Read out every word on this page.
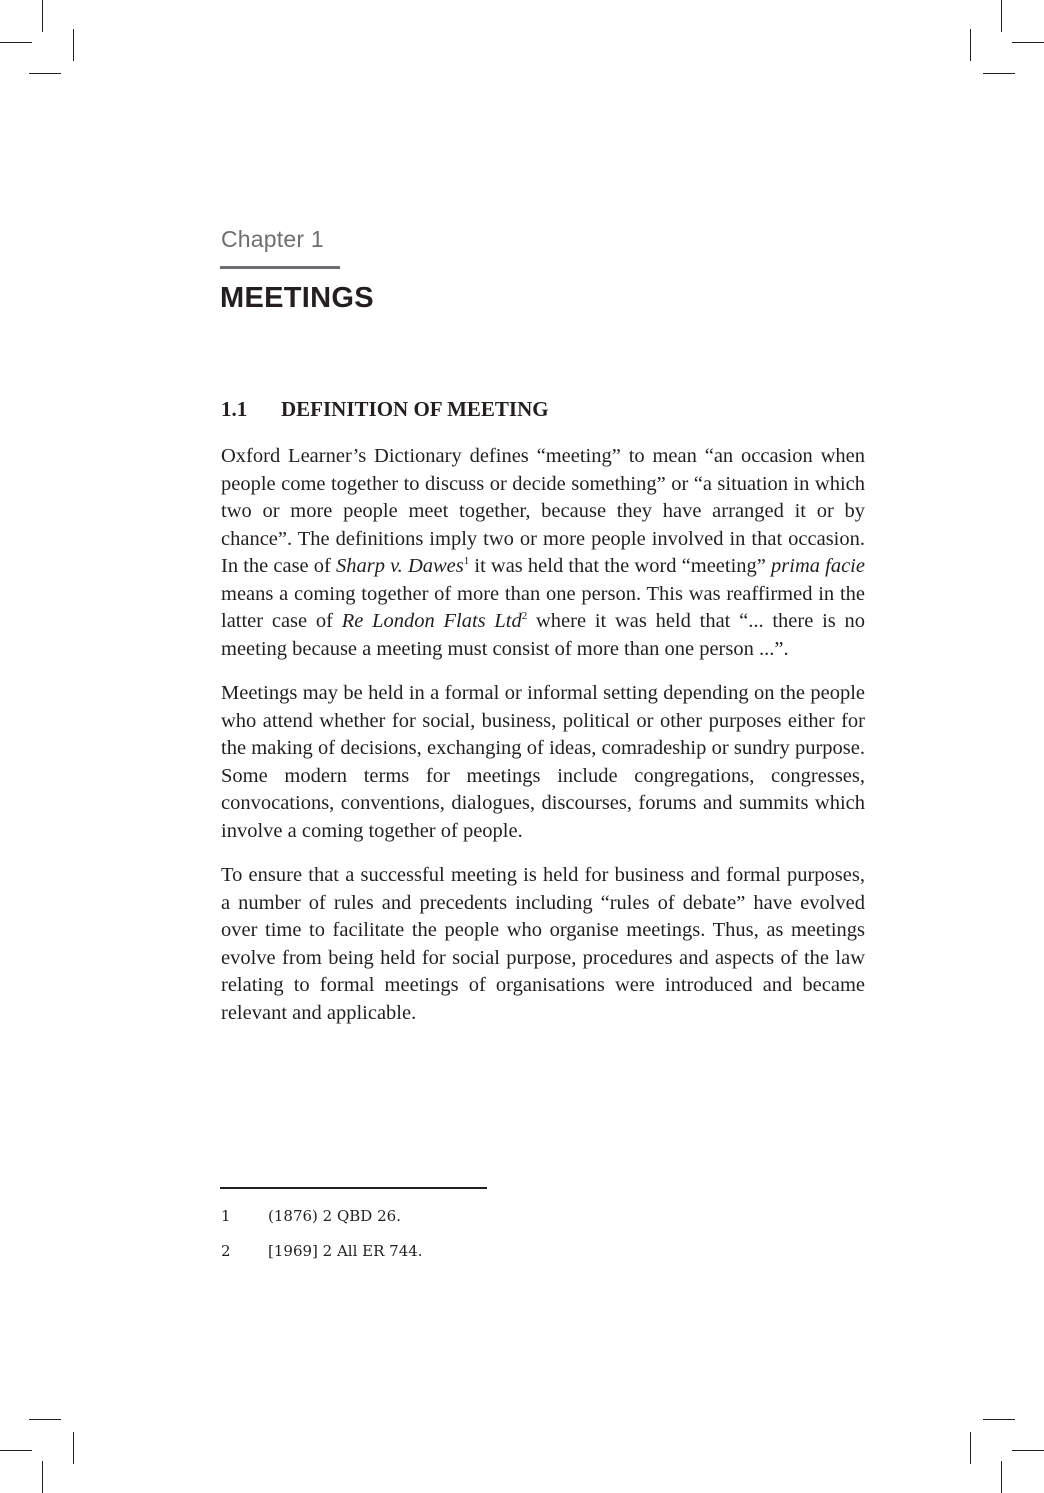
Chapter 1
MEETINGS
1.1 DEFINITION OF MEETING

Oxford Learner’s Dictionary defines “meeting” to mean “an occasion when people come together to discuss or decide something” or “a situation in which two or more people meet together, because they have arranged it or by chance”. The definitions imply two or more people involved in that occasion. In the case of Sharp v. Dawes$^1$ it was held that the word “meeting” prima facie means a coming together of more than one person. This was reaffirmed in the latter case of Re London Flats Ltd$^2$ where it was held that “... there is no meeting because a meeting must consist of more than one person ...”.

Meetings may be held in a formal or informal setting depending on the people who attend whether for social, business, political or other purposes either for the making of decisions, exchanging of ideas, comradeship or sundry purpose. Some modern terms for meetings include congregations, congresses, convocations, conventions, dialogues, discourses, forums and summits which involve a coming together of people.

To ensure that a successful meeting is held for business and formal purposes, a number of rules and precedents including “rules of debate” have evolved over time to facilitate the people who organise meetings. Thus, as meetings evolve from being held for social purpose, procedures and aspects of the law relating to formal meetings of organisations were introduced and became relevant and applicable.

1 (1876) 2 QBD 26.
2 [1969] 2 All ER 744.
